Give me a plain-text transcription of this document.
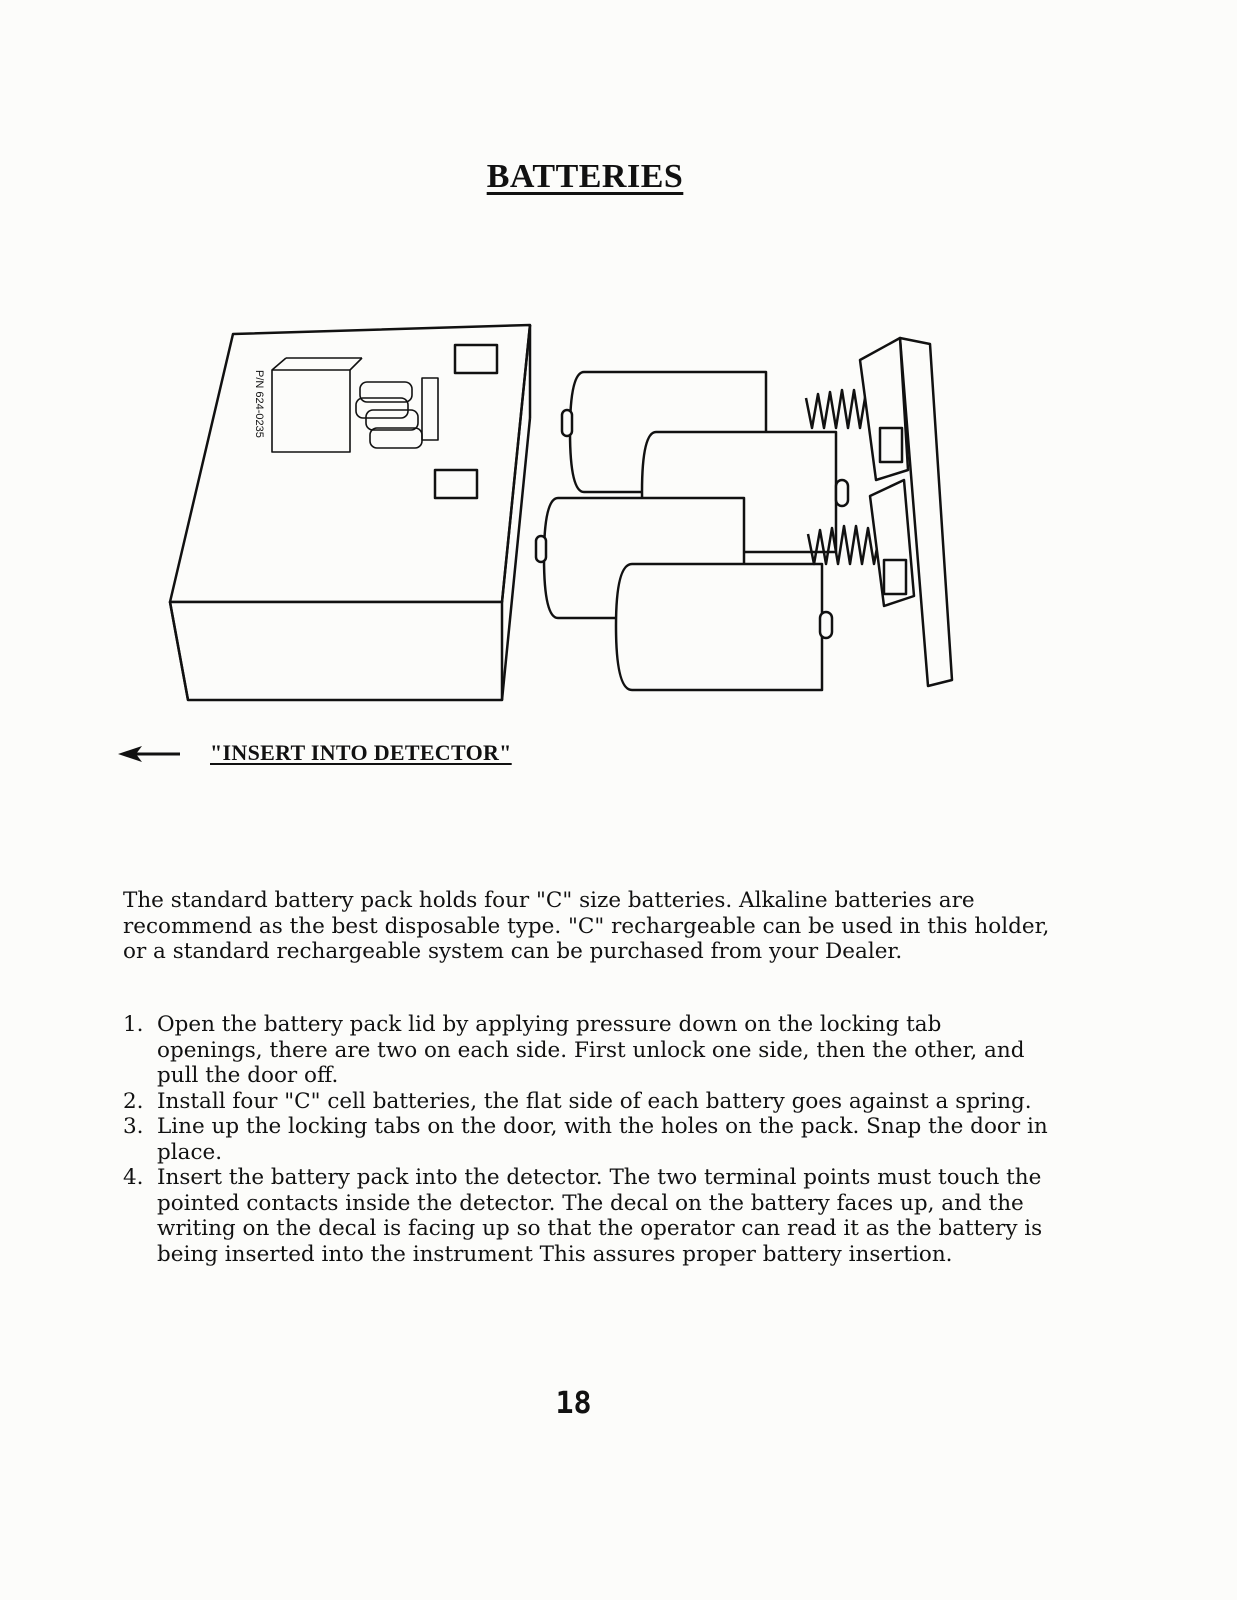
BATTERIES
P/N 624-0235
"INSERT INTO DETECTOR"

The standard battery pack holds four "C" size batteries. Alkaline batteries are recommend as the best disposable type. "C" rechargeable can be used in this holder, or a standard rechargeable system can be purchased from your Dealer.

1. Open the battery pack lid by applying pressure down on the locking tab openings, there are two on each side. First unlock one side, then the other, and pull the door off.
2. Install four "C" cell batteries, the flat side of each battery goes against a spring.
3. Line up the locking tabs on the door, with the holes on the pack. Snap the door in place.
4. Insert the battery pack into the detector. The two terminal points must touch the pointed contacts inside the detector. The decal on the battery faces up, and the writing on the decal is facing up so that the operator can read it as the battery is being inserted into the instrument This assures proper battery insertion.
18
